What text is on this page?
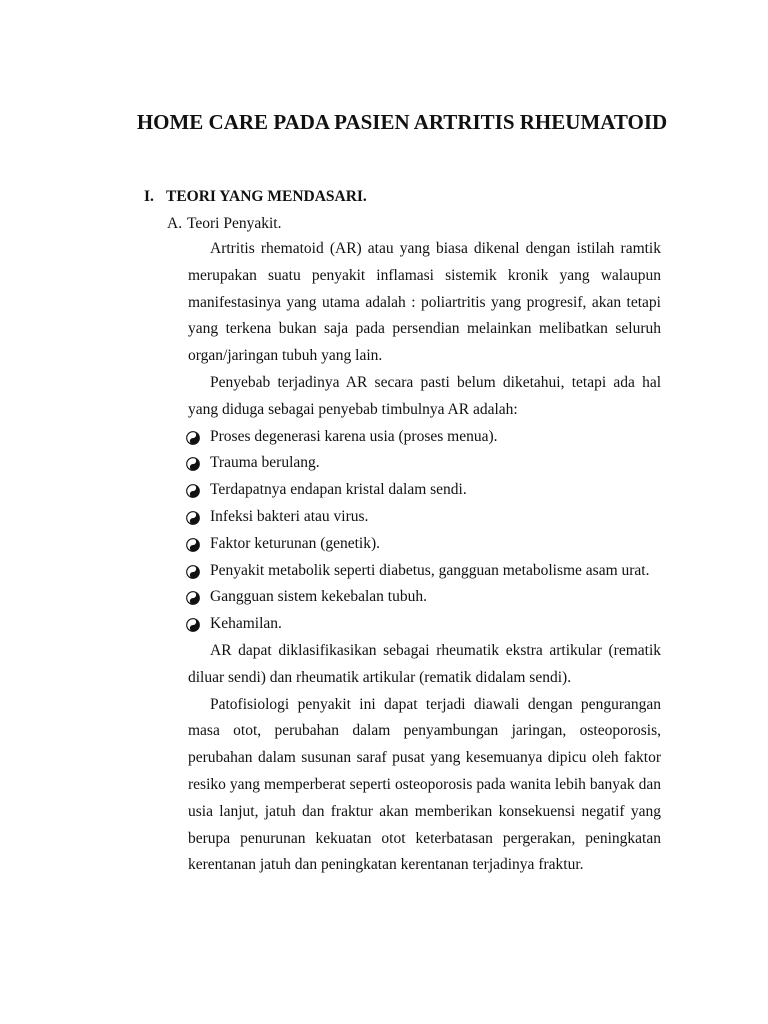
HOME CARE PADA PASIEN ARTRITIS RHEUMATOID
I. TEORI YANG MENDASARI.
A. Teori Penyakit.

Artritis rhematoid (AR) atau yang biasa dikenal dengan istilah ramtik merupakan suatu penyakit inflamasi sistemik kronik yang walaupun manifestasinya yang utama adalah : poliartritis yang progresif, akan tetapi yang terkena bukan saja pada persendian melainkan melibatkan seluruh organ/jaringan tubuh yang lain.

Penyebab terjadinya AR secara pasti belum diketahui, tetapi ada hal yang diduga sebagai penyebab timbulnya AR adalah:

Proses degenerasi karena usia (proses menua).
Trauma berulang.
Terdapatnya endapan kristal dalam sendi.
Infeksi bakteri atau virus.
Faktor keturunan (genetik).
Penyakit metabolik seperti diabetus, gangguan metabolisme asam urat.
Gangguan sistem kekebalan tubuh.
Kehamilan.

AR dapat diklasifikasikan sebagai rheumatik ekstra artikular (rematik diluar sendi) dan rheumatik artikular (rematik didalam sendi).

Patofisiologi penyakit ini dapat terjadi diawali dengan pengurangan masa otot, perubahan dalam penyambungan jaringan, osteoporosis, perubahan dalam susunan saraf pusat yang kesemuanya dipicu oleh faktor resiko yang memperberat seperti osteoporosis pada wanita lebih banyak dan usia lanjut, jatuh dan fraktur akan memberikan konsekuensi negatif yang berupa penurunan kekuatan otot keterbatasan pergerakan, peningkatan kerentanan jatuh dan peningkatan kerentanan terjadinya fraktur.
